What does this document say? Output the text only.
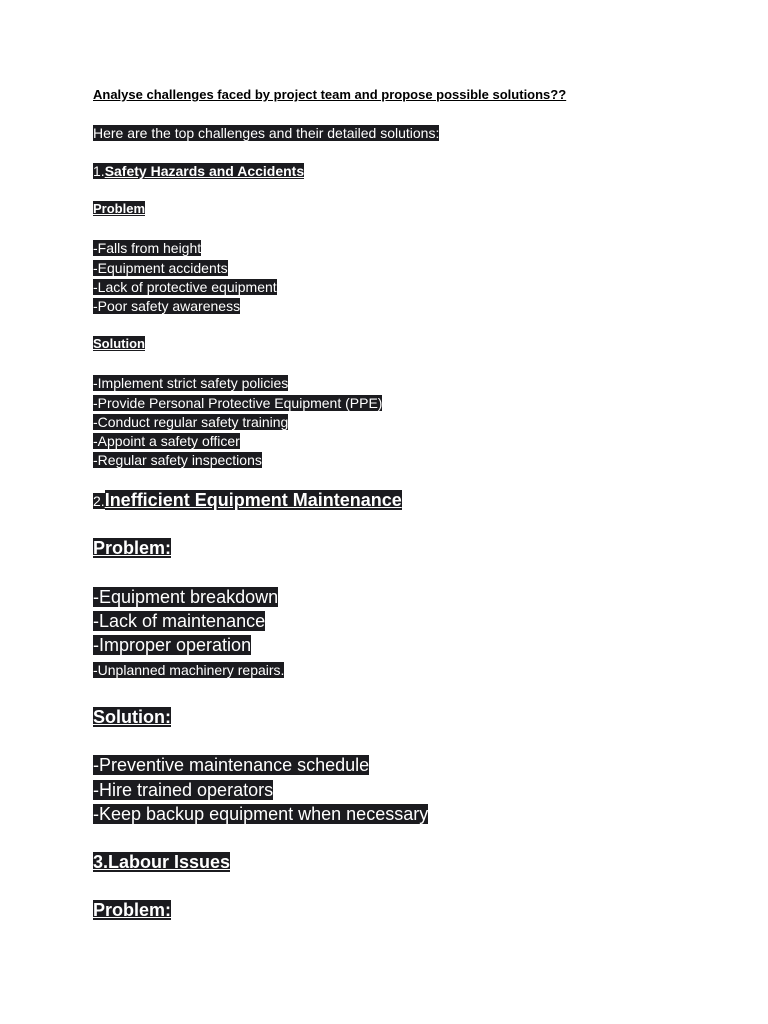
Analyse challenges faced by project team and propose possible solutions??
Here are the top challenges and their detailed solutions:
1.Safety Hazards and Accidents
Problem
-Falls from height
-Equipment accidents
-Lack of protective equipment
-Poor safety awareness
Solution
-Implement strict safety policies
-Provide Personal Protective Equipment (PPE)
-Conduct regular safety training
-Appoint a safety officer
-Regular safety inspections
2.Inefficient Equipment Maintenance
Problem:
-Equipment breakdown
-Lack of maintenance
-Improper operation
-Unplanned machinery repairs.
Solution:
-Preventive maintenance schedule
-Hire trained operators
-Keep backup equipment when necessary
3.Labour Issues
Problem:
